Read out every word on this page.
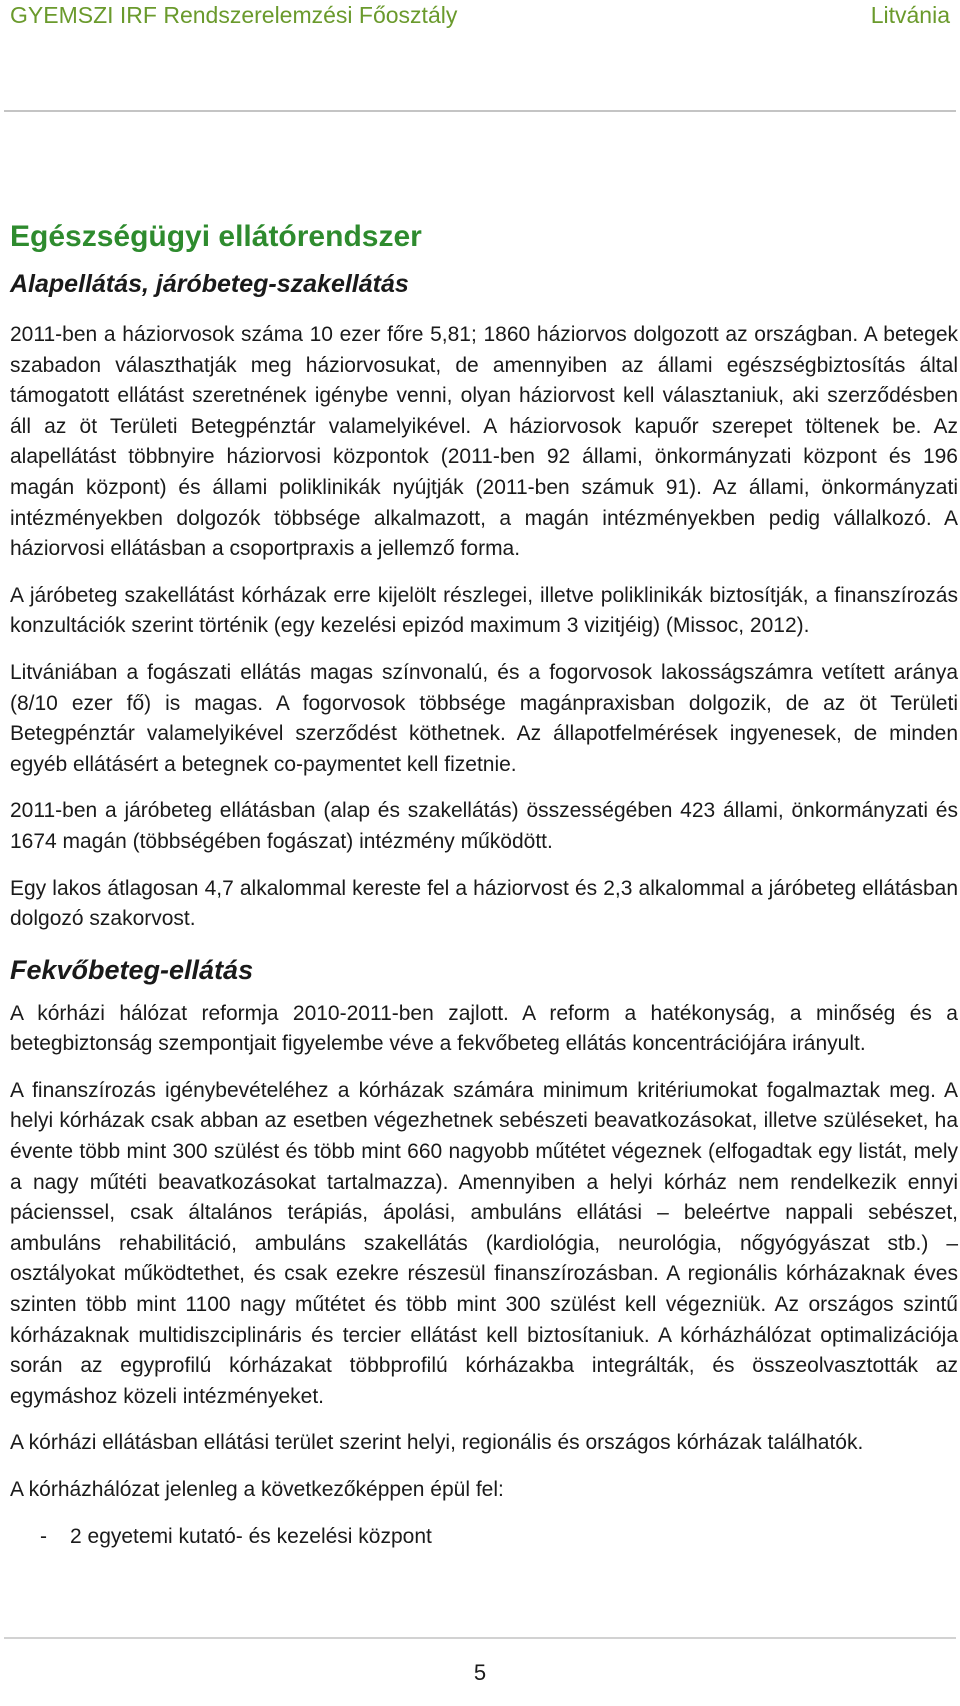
GYEMSZI IRF Rendszerelemzési Főosztály	Litvánia
Egészségügyi ellátórendszer
Alapellátás, járóbeteg-szakellátás

2011-ben a háziorvosok száma 10 ezer főre 5,81; 1860 háziorvos dolgozott az országban. A betegek szabadon választhatják meg háziorvosukat, de amennyiben az állami egészségbiztosítás által támogatott ellátást szeretnének igénybe venni, olyan háziorvost kell választaniuk, aki szerződésben áll az öt Területi Betegpénztár valamelyikével. A háziorvosok kapuőr szerepet töltenek be. Az alapellátást többnyire háziorvosi központok (2011-ben 92 állami, önkormányzati központ és 196 magán központ) és állami poliklinikák nyújtják (2011-ben számuk 91). Az állami, önkormányzati intézményekben dolgozók többsége alkalmazott, a magán intézményekben pedig vállalkozó. A háziorvosi ellátásban a csoportpraxis a jellemző forma.

A járóbeteg szakellátást kórházak erre kijelölt részlegei, illetve poliklinikák biztosítják, a finanszírozás konzultációk szerint történik (egy kezelési epizód maximum 3 vizitjéig) (Missoc, 2012).

Litvániában a fogászati ellátás magas színvonalú, és a fogorvosok lakosságszámra vetített aránya (8/10 ezer fő) is magas. A fogorvosok többsége magánpraxisban dolgozik, de az öt Területi Betegpénztár valamelyikével szerződést köthetnek. Az állapotfelmérések ingyenesek, de minden egyéb ellátásért a betegnek co-paymentet kell fizetnie.

2011-ben a járóbeteg ellátásban (alap és szakellátás) összességében 423 állami, önkormányzati és 1674 magán (többségében fogászat) intézmény működött.

Egy lakos átlagosan 4,7 alkalommal kereste fel a háziorvost és 2,3 alkalommal a járóbeteg ellátásban dolgozó szakorvost.

Fekvőbeteg-ellátás

A kórházi hálózat reformja 2010-2011-ben zajlott. A reform a hatékonyság, a minőség és a betegbiztonság szempontjait figyelembe véve a fekvőbeteg ellátás koncentrációjára irányult.

A finanszírozás igénybevételéhez a kórházak számára minimum kritériumokat fogalmaztak meg. A helyi kórházak csak abban az esetben végezhetnek sebészeti beavatkozásokat, illetve szüléseket, ha évente több mint 300 szülést és több mint 660 nagyobb műtétet végeznek (elfogadtak egy listát, mely a nagy műtéti beavatkozásokat tartalmazza). Amennyiben a helyi kórház nem rendelkezik ennyi pácienssel, csak általános terápiás, ápolási, ambuláns ellátási – beleértve nappali sebészet, ambuláns rehabilitáció, ambuláns szakellátás (kardiológia, neurológia, nőgyógyászat stb.) – osztályokat működtethet, és csak ezekre részesül finanszírozásban. A regionális kórházaknak éves szinten több mint 1100 nagy műtétet és több mint 300 szülést kell végezniük. Az országos szintű kórházaknak multidiszciplináris és tercier ellátást kell biztosítaniuk. A kórházhálózat optimalizációja során az egyprofilú kórházakat többprofilú kórházakba integrálták, és összeolvasztották az egymáshoz közeli intézményeket.

A kórházi ellátásban ellátási terület szerint helyi, regionális és országos kórházak találhatók.

A kórházhálózat jelenleg a következőképpen épül fel:

- 2 egyetemi kutató- és kezelési központ
5
